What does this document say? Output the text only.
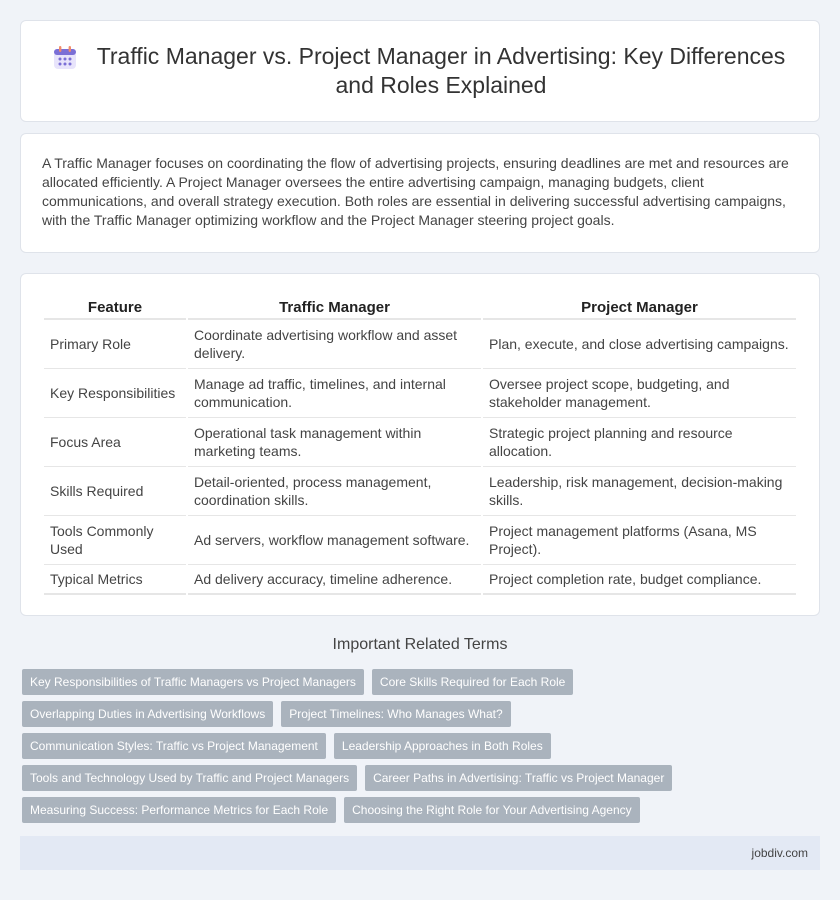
Traffic Manager vs. Project Manager in Advertising: Key Differences and Roles Explained

A Traffic Manager focuses on coordinating the flow of advertising projects, ensuring deadlines are met and resources are allocated efficiently. A Project Manager oversees the entire advertising campaign, managing budgets, client communications, and overall strategy execution. Both roles are essential in delivering successful advertising campaigns, with the Traffic Manager optimizing workflow and the Project Manager steering project goals.

Feature	Traffic Manager	Project Manager
Primary Role	Coordinate advertising workflow and asset delivery.	Plan, execute, and close advertising campaigns.
Key Responsibilities	Manage ad traffic, timelines, and internal communication.	Oversee project scope, budgeting, and stakeholder management.
Focus Area	Operational task management within marketing teams.	Strategic project planning and resource allocation.
Skills Required	Detail-oriented, process management, coordination skills.	Leadership, risk management, decision-making skills.
Tools Commonly Used	Ad servers, workflow management software.	Project management platforms (Asana, MS Project).
Typical Metrics	Ad delivery accuracy, timeline adherence.	Project completion rate, budget compliance.
Important Related Terms
Key Responsibilities of Traffic Managers vs Project Managers	Core Skills Required for Each Role
Overlapping Duties in Advertising Workflows	Project Timelines: Who Manages What?
Communication Styles: Traffic vs Project Management	Leadership Approaches in Both Roles
Tools and Technology Used by Traffic and Project Managers	Career Paths in Advertising: Traffic vs Project Manager
Measuring Success: Performance Metrics for Each Role	Choosing the Right Role for Your Advertising Agency
jobdiv.com
